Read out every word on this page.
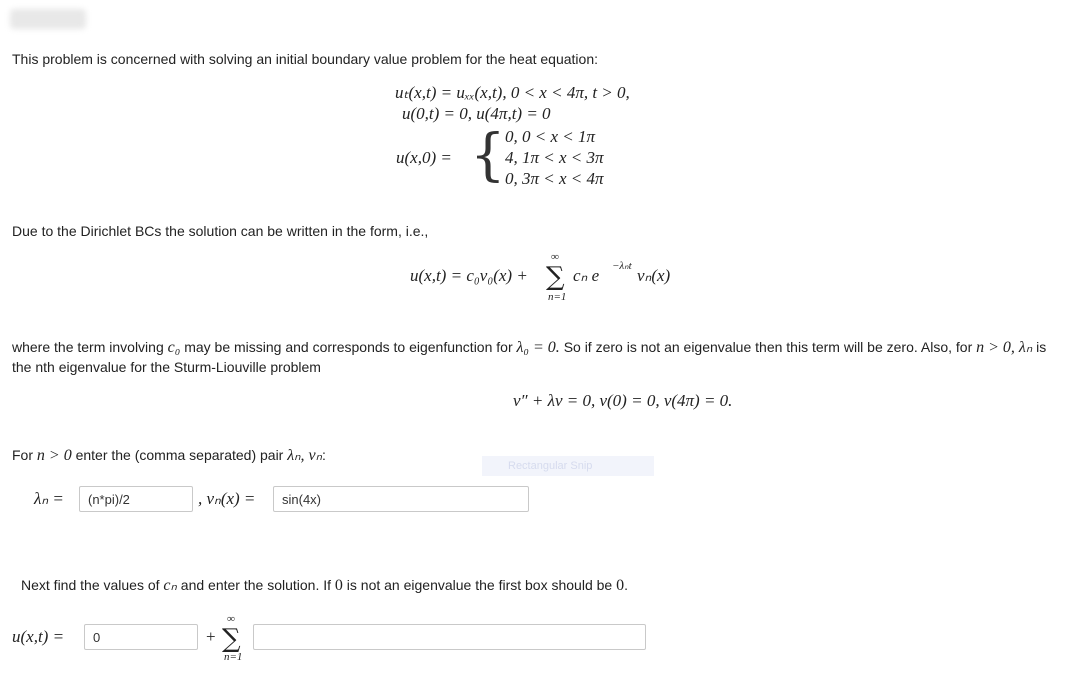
This problem is concerned with solving an initial boundary value problem for the heat equation:
uₜ(x,t) = uₓₓ(x,t), 0 < x < 4π, t > 0,
u(0,t) = 0, u(4π,t) = 0
u(x,0) = { 0, 0 < x < 1π
4, 1π < x < 3π
0, 3π < x < 4π
Due to the Dirichlet BCs the solution can be written in the form, i.e.,
u(x,t) = c₀v₀(x) +
∞
∑
n=1
cₙ e −λₙt vₙ(x)
where the term involving c₀ may be missing and corresponds to eigenfunction for λ₀ = 0. So if zero is not an eigenvalue then this term will be zero. Also, for n > 0, λₙ is
the nth eigenvalue for the Sturm-Liouville problem
v″ + λv = 0, v(0) = 0, v(4π) = 0.
For n > 0 enter the (comma separated) pair λₙ, vₙ:
Rectangular Snip
λₙ =
(n*pi)/2	, vₙ(x) =
sin(4x)
Next find the values of cₙ and enter the solution. If 0 is not an eigenvalue the first box should be 0.
u(x,t) =
0	+
∞
∑
n=1
